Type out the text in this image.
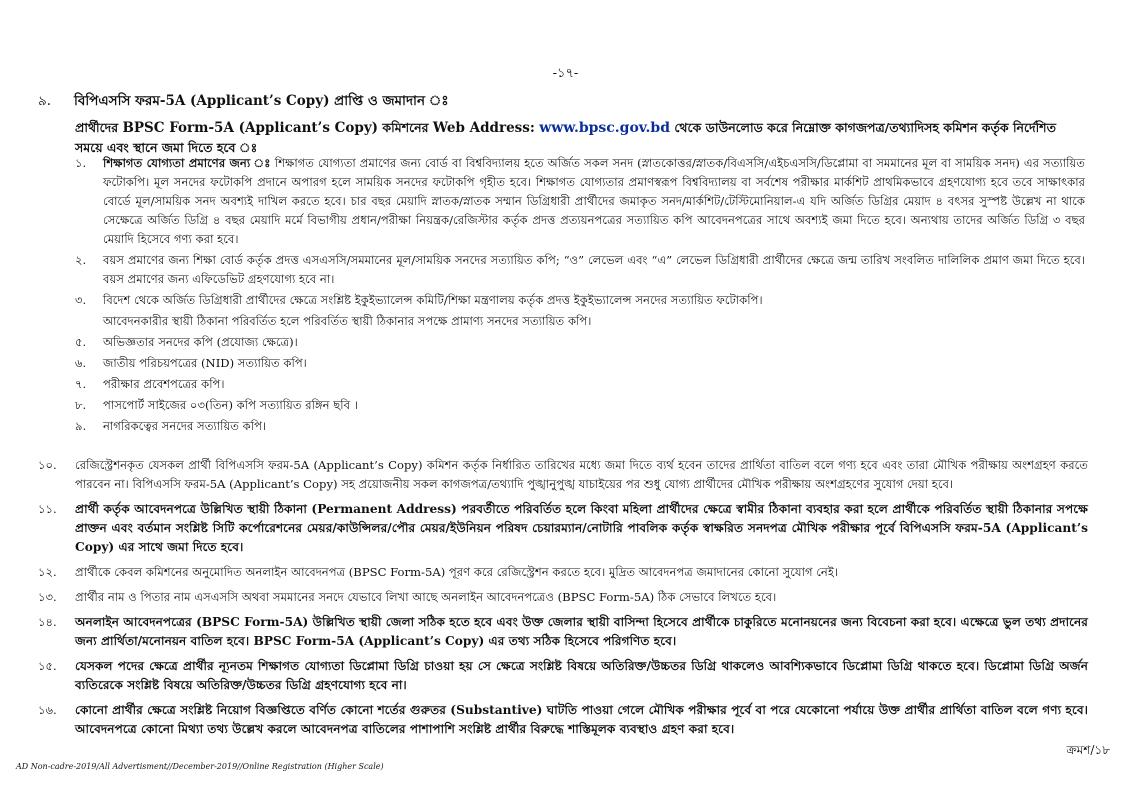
-১৭-
৯. বিপিএসসি ফরম-5A (Applicant’s Copy) প্রাপ্তি ও জমাদান ঃ
প্রার্থীদের BPSC Form-5A (Applicant’s Copy) কমিশনের Web Address: www.bpsc.gov.bd থেকে ডাউনলোড করে নিম্নোক্ত কাগজপত্র/তথ্যাদিসহ কমিশন কর্তৃক নির্দেশিত সময়ে এবং স্থানে জমা দিতে হবে ঃ
১.	শিক্ষাগত যোগ্যতা প্রমাণের জন্য ঃ শিক্ষাগত যোগ্যতা প্রমাণের জন্য বোর্ড বা বিশ্ববিদ্যালয় হতে অর্জিত সকল সনদ (স্নাতকোত্তর/স্নাতক/বিএসসি/এইচএসসি/ডিপ্লোমা বা সমমানের মূল বা সাময়িক সনদ) এর সত্যায়িত ফটোকপি। মূল সনদের ফটোকপি প্রদানে অপারগ হলে সাময়িক সনদের ফটোকপি গৃহীত হবে। শিক্ষাগত যোগ্যতার প্রমাণস্বরূপ বিশ্ববিদ্যালয় বা সর্বশেষ পরীক্ষার মার্কশিট প্রাথমিকভাবে গ্রহণযোগ্য হবে তবে সাক্ষাৎকার বোর্ডে মূল/সাময়িক সনদ অবশ্যই দাখিল করতে হবে। চার বছর মেয়াদি স্নাতক/স্নাতক সম্মান ডিগ্রিধারী প্রার্থীদের জমাকৃত সনদ/মার্কশিট/টেস্টিমোনিয়াল-এ যদি অর্জিত ডিগ্রির মেয়াদ ৪ বৎসর সুস্পষ্ট উল্লেখ না থাকে সেক্ষেত্রে অর্জিত ডিগ্রি ৪ বছর মেয়াদি মর্মে বিভাগীয় প্রধান/পরীক্ষা নিয়ন্ত্রক/রেজিস্টার কর্তৃক প্রদত্ত প্রত্যয়নপত্রের সত্যায়িত কপি আবেদনপত্রের সাথে অবশ্যই জমা দিতে হবে। অন্যথায় তাদের অর্জিত ডিগ্রি ৩ বছর মেয়াদি হিসেবে গণ্য করা হবে।
২.	বয়স প্রমাণের জন্য শিক্ষা বোর্ড কর্তৃক প্রদত্ত এসএসসি/সমমানের মূল/সাময়িক সনদের সত্যায়িত কপি; “ও” লেভেল এবং “এ” লেভেল ডিগ্রিধারী প্রার্থীদের ক্ষেত্রে জন্ম তারিখ সংবলিত দালিলিক প্রমাণ জমা দিতে হবে। বয়স প্রমাণের জন্য এফিডেভিট গ্রহণযোগ্য হবে না।
৩.	বিদেশ থেকে অর্জিত ডিগ্রিধারী প্রার্থীদের ক্ষেত্রে সংশ্লিষ্ট ইকুইভ্যালেন্স কমিটি/শিক্ষা মন্ত্রণালয় কর্তৃক প্রদত্ত ইকুইভ্যালেন্স সনদের সত্যায়িত ফটোকপি।
আবেদনকারীর স্থায়ী ঠিকানা পরিবর্তিত হলে পরিবর্তিত স্থায়ী ঠিকানার সপক্ষে প্রামাণ্য সনদের সত্যায়িত কপি।
৫.	অভিজ্ঞতার সনদের কপি (প্রযোজ্য ক্ষেত্রে)।
৬.	জাতীয় পরিচয়পত্রের (NID) সত্যায়িত কপি।
৭.	পরীক্ষার প্রবেশপত্রের কপি।
৮.	পাসপোর্ট সাইজের ০৩(তিন) কপি সত্যায়িত রঙ্গিন ছবি ।
৯.	নাগরিকত্বের সনদের সত্যায়িত কপি।
১০.	রেজিস্ট্রেশনকৃত যেসকল প্রার্থী বিপিএসসি ফরম-5A (Applicant’s Copy) কমিশন কর্তৃক নির্ধারিত তারিখের মধ্যে জমা দিতে ব্যর্থ হবেন তাদের প্রার্থিতা বাতিল বলে গণ্য হবে এবং তারা মৌখিক পরীক্ষায় অংশগ্রহণ করতে পারবেন না। বিপিএসসি ফরম-5A (Applicant’s Copy) সহ প্রয়োজনীয় সকল কাগজপত্র/তথ্যাদি পুঙ্খানুপুঙ্খ যাচাইয়ের পর শুধু যোগ্য প্রার্থীদের মৌখিক পরীক্ষায় অংশগ্রহণের সুযোগ দেয়া হবে।
১১.	প্রার্থী কর্তৃক আবেদনপত্রে উল্লিখিত স্থায়ী ঠিকানা (Permanent Address) পরবর্তীতে পরিবর্তিত হলে কিংবা মহিলা প্রার্থীদের ক্ষেত্রে স্বামীর ঠিকানা ব্যবহার করা হলে প্রার্থীকে পরিবর্তিত স্থায়ী ঠিকানার সপক্ষে প্রাক্তন এবং বর্তমান সংশ্লিষ্ট সিটি কর্পোরেশনের মেয়র/কাউন্সিলর/পৌর মেয়র/ইউনিয়ন পরিষদ চেয়ারম্যান/নোটারি পাবলিক কর্তৃক স্বাক্ষরিত সনদপত্র মৌখিক পরীক্ষার পূর্বে বিপিএসসি ফরম-5A (Applicant’s Copy) এর সাথে জমা দিতে হবে।
১২.	প্রার্থীকে কেবল কমিশনের অনুমোদিত অনলাইন আবেদনপত্র (BPSC Form-5A) পূরণ করে রেজিস্ট্রেশন করতে হবে। মুদ্রিত আবেদনপত্র জমাদানের কোনো সুযোগ নেই।
১৩.	প্রার্থীর নাম ও পিতার নাম এসএসসি অথবা সমমানের সনদে যেভাবে লিখা আছে অনলাইন আবেদনপত্রেও (BPSC Form-5A) ঠিক সেভাবে লিখতে হবে।
১৪.	অনলাইন আবেদনপত্রের (BPSC Form-5A) উল্লিখিত স্থায়ী জেলা সঠিক হতে হবে এবং উক্ত জেলার স্থায়ী বাসিন্দা হিসেবে প্রার্থীকে চাকুরিতে মনোনয়নের জন্য বিবেচনা করা হবে। এক্ষেত্রে ভুল তথ্য প্রদানের জন্য প্রার্থিতা/মনোনয়ন বাতিল হবে। BPSC Form-5A (Applicant’s Copy) এর তথ্য সঠিক হিসেবে পরিগণিত হবে।
১৫.	যেসকল পদের ক্ষেত্রে প্রার্থীর ন্যূনতম শিক্ষাগত যোগ্যতা ডিপ্লোমা ডিগ্রি চাওয়া হয় সে ক্ষেত্রে সংশ্লিষ্ট বিষয়ে অতিরিক্ত/উচ্চতর ডিগ্রি থাকলেও আবশ্যিকভাবে ডিপ্লোমা ডিগ্রি থাকতে হবে। ডিপ্লোমা ডিগ্রি অর্জন ব্যতিরেকে সংশ্লিষ্ট বিষয়ে অতিরিক্ত/উচ্চতর ডিগ্রি গ্রহণযোগ্য হবে না।
১৬.	কোনো প্রার্থীর ক্ষেত্রে সংশ্লিষ্ট নিয়োগ বিজ্ঞপ্তিতে বর্ণিত কোনো শর্তের গুরুতর (Substantive) ঘাটতি পাওয়া গেলে মৌখিক পরীক্ষার পূর্বে বা পরে যেকোনো পর্যায়ে উক্ত প্রার্থীর প্রার্থিতা বাতিল বলে গণ্য হবে। আবেদনপত্রে কোনো মিথ্যা তথ্য উল্লেখ করলে আবেদনপত্র বাতিলের পাশাপাশি সংশ্লিষ্ট প্রার্থীর বিরুদ্ধে শাস্তিমূলক ব্যবস্থাও গ্রহণ করা হবে।
ক্রমশ/১৮
AD Non-cadre-2019/All Advertisment//December-2019//Online Registration (Higher Scale)
